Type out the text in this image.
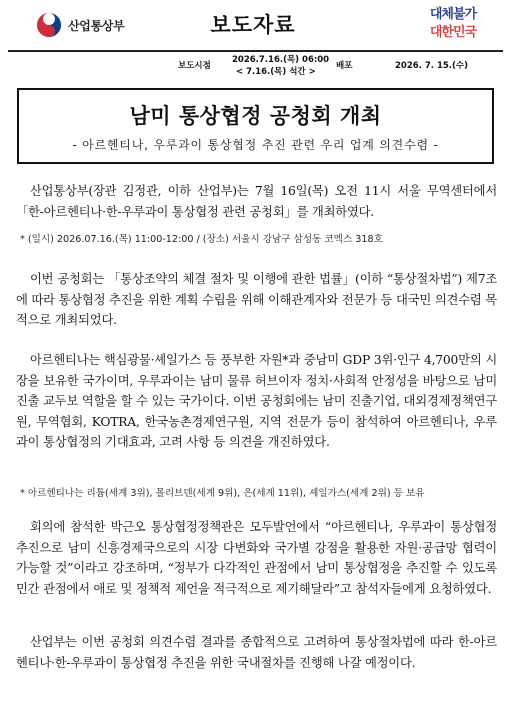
산업통상부	보도자료	대체불가
대한민국
보도시점
2026.7.16.(목) 06:00
< 7.16.(목) 석간 >
배포	2026. 7. 15.(수)
남미 통상협정 공청회 개최
- 아르헨티나, 우루과이 통상협정 추진 관련 우리 업계 의견수렴 -

산업통상부(장관 김정관, 이하 산업부)는 7월 16일(목) 오전 11시 서울 무역센터에서 「한-아르헨티나·한-우루과이 통상협정 관련 공청회」를 개최하였다.

* (일시) 2026.07.16.(목) 11:00-12:00 / (장소) 서울시 강남구 삼성동 코엑스 318호

이번 공청회는 「통상조약의 체결 절차 및 이행에 관한 법률」(이하 “통상절차법”) 제7조에 따라 통상협정 추진을 위한 계획 수립을 위해 이해관계자와 전문가 등 대국민 의견수렴 목적으로 개최되었다.

아르헨티나는 핵심광물·셰일가스 등 풍부한 자원*과 중남미 GDP 3위·인구 4,700만의 시장을 보유한 국가이며, 우루과이는 남미 물류 허브이자 정치·사회적 안정성을 바탕으로 남미 진출 교두보 역할을 할 수 있는 국가이다. 이번 공청회에는 남미 진출기업, 대외경제정책연구원, 무역협회, KOTRA, 한국농촌경제연구원, 지역 전문가 등이 참석하여 아르헨티나, 우루과이 통상협정의 기대효과, 고려 사항 등 의견을 개진하였다.

* 아르헨티나는 리튬(세계 3위), 몰리브덴(세계 9위), 은(세계 11위), 셰일가스(세계 2위) 등 보유

회의에 참석한 박근오 통상협정정책관은 모두발언에서 “아르헨티나, 우루과이 통상협정 추진으로 남미 신흥경제국으로의 시장 다변화와 국가별 강점을 활용한 자원·공급망 협력이 가능할 것”이라고 강조하며, “정부가 다각적인 관점에서 남미 통상협정을 추진할 수 있도록 민간 관점에서 애로 및 정책적 제언을 적극적으로 제기해달라”고 참석자들에게 요청하였다.

산업부는 이번 공청회 의견수렴 결과를 종합적으로 고려하여 통상절차법에 따라 한-아르헨티나·한-우루과이 통상협정 추진을 위한 국내절차를 진행해 나갈 예정이다.
